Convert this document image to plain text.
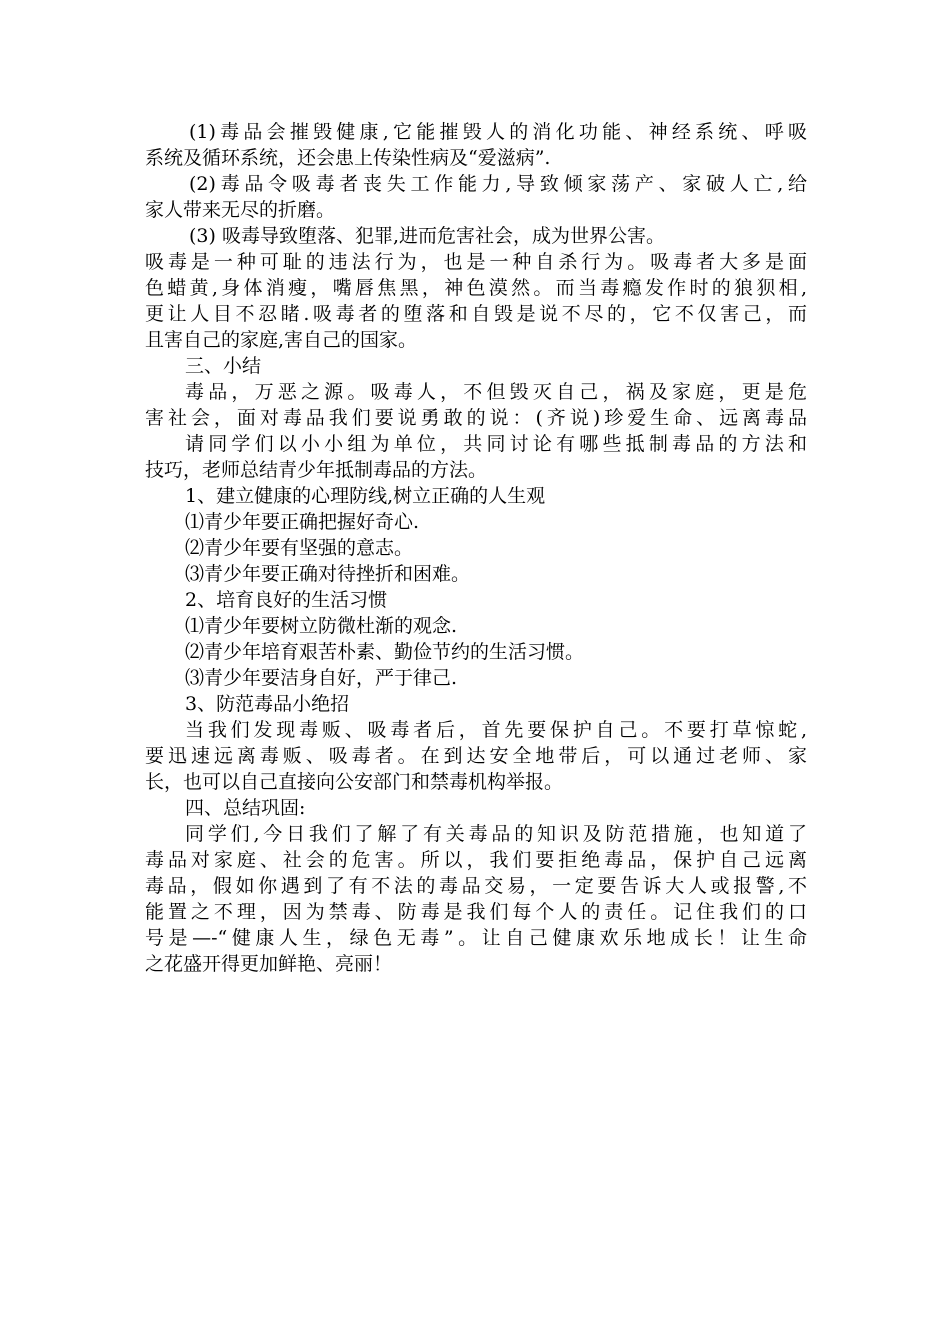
(1)毒品会摧毁健康,它能摧毁人的消化功能、神经系统、呼吸
系统及循环系统，还会患上传染性病及“爱滋病”.
(2)毒品令吸毒者丧失工作能力,导致倾家荡产、家破人亡,给
家人带来无尽的折磨。
(3) 吸毒导致堕落、犯罪,进而危害社会，成为世界公害。
吸毒是一种可耻的违法行为，也是一种自杀行为。吸毒者大多是面
色蜡黄,身体消瘦，嘴唇焦黑，神色漠然。而当毒瘾发作时的狼狈相,
更让人目不忍睹.吸毒者的堕落和自毁是说不尽的，它不仅害己，而
且害自己的家庭,害自己的国家。
三、小结
毒品，万恶之源。吸毒人，不但毁灭自己，祸及家庭，更是危
害社会，面对毒品我们要说勇敢的说：(齐说)珍爱生命、远离毒品
请同学们以小小组为单位，共同讨论有哪些抵制毒品的方法和
技巧，老师总结青少年抵制毒品的方法。
1、建立健康的心理防线,树立正确的人生观
⑴青少年要正确把握好奇心.
⑵青少年要有坚强的意志。
⑶青少年要正确对待挫折和困难。
2、培育良好的生活习惯
⑴青少年要树立防微杜渐的观念.
⑵青少年培育艰苦朴素、勤俭节约的生活习惯。
⑶青少年要洁身自好，严于律己.
3、防范毒品小绝招
当我们发现毒贩、吸毒者后，首先要保护自己。不要打草惊蛇,
要迅速远离毒贩、吸毒者。在到达安全地带后，可以通过老师、家
长，也可以自己直接向公安部门和禁毒机构举报。
四、总结巩固:
同学们,今日我们了解了有关毒品的知识及防范措施，也知道了
毒品对家庭、社会的危害。所以，我们要拒绝毒品，保护自己远离
毒品，假如你遇到了有不法的毒品交易，一定要告诉大人或报警,不
能置之不理，因为禁毒、防毒是我们每个人的责任。记住我们的口
号是—-“健康人生，绿色无毒”。让自己健康欢乐地成长！让生命
之花盛开得更加鲜艳、亮丽！
